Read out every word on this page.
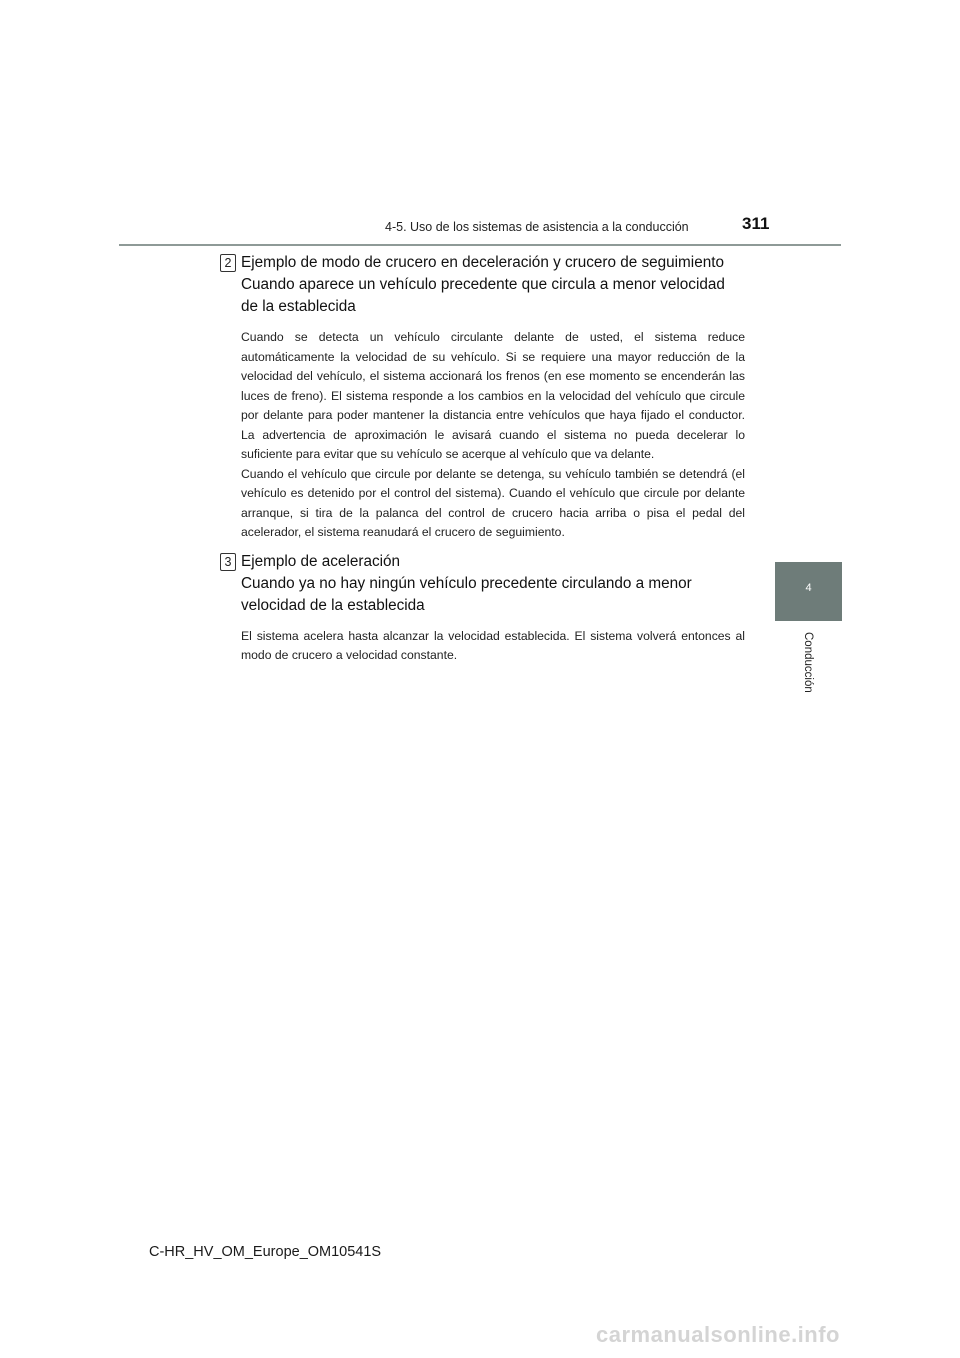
4-5. Uso de los sistemas de asistencia a la conducción	311
4
Conducción
2 Ejemplo de modo de crucero en deceleración y crucero de seguimiento
Cuando aparece un vehículo precedente que circula a menor velocidad de la establecida

Cuando se detecta un vehículo circulante delante de usted, el sistema reduce automáticamente la velocidad de su vehículo. Si se requiere una mayor reducción de la velocidad del vehículo, el sistema accionará los frenos (en ese momento se encenderán las luces de freno). El sistema responde a los cambios en la velocidad del vehículo que circule por delante para poder mantener la distancia entre vehículos que haya fijado el conductor. La advertencia de aproximación le avisará cuando el sistema no pueda decelerar lo suficiente para evitar que su vehículo se acerque al vehículo que va delante.

Cuando el vehículo que circule por delante se detenga, su vehículo también se detendrá (el vehículo es detenido por el control del sistema). Cuando el vehículo que circule por delante arranque, si tira de la palanca del control de crucero hacia arriba o pisa el pedal del acelerador, el sistema reanudará el crucero de seguimiento.

3 Ejemplo de aceleración
Cuando ya no hay ningún vehículo precedente circulando a menor velocidad de la establecida

El sistema acelera hasta alcanzar la velocidad establecida. El sistema volverá entonces al modo de crucero a velocidad constante.

C-HR_HV_OM_Europe_OM10541S
carmanualsonline.info
